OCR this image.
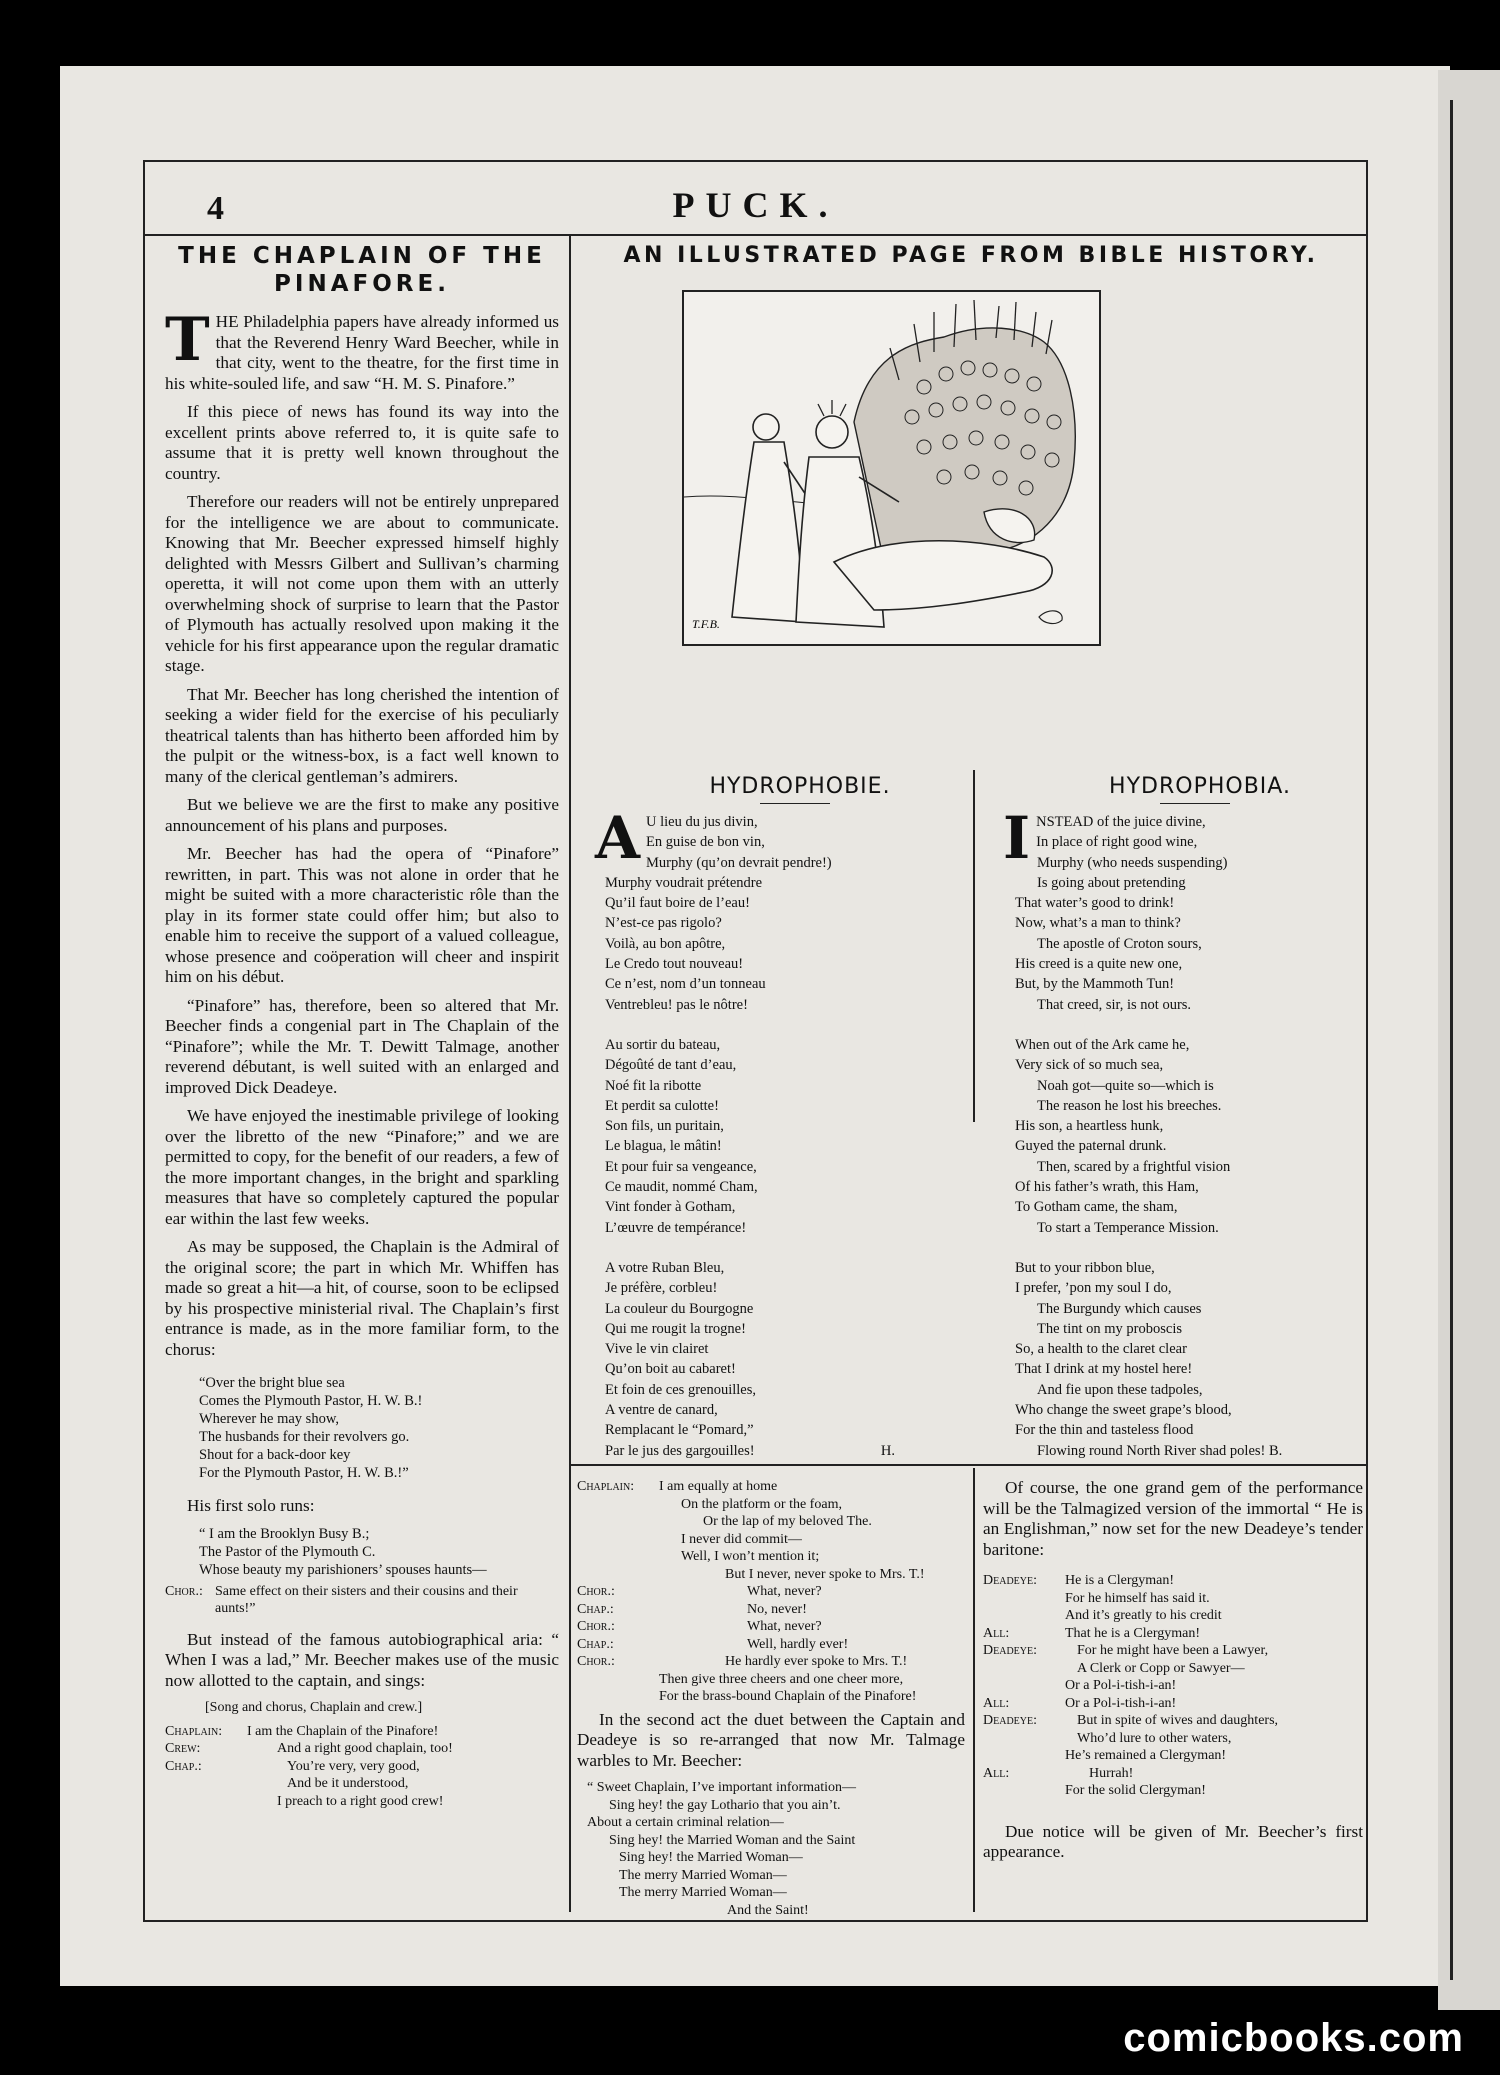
4	PUCK.
THE CHAPLAIN OF THE PINAFORE.

THE Philadelphia papers have already informed us that the Reverend Henry Ward Beecher, while in that city, went to the theatre, for the first time in his white-souled life, and saw “H. M. S. Pinafore.”

If this piece of news has found its way into the excellent prints above referred to, it is quite safe to assume that it is pretty well known throughout the country.

Therefore our readers will not be entirely unprepared for the intelligence we are about to communicate. Knowing that Mr. Beecher expressed himself highly delighted with Messrs Gilbert and Sullivan’s charming operetta, it will not come upon them with an utterly overwhelming shock of surprise to learn that the Pastor of Plymouth has actually resolved upon making it the vehicle for his first appearance upon the regular dramatic stage.

That Mr. Beecher has long cherished the intention of seeking a wider field for the exercise of his peculiarly theatrical talents than has hitherto been afforded him by the pulpit or the witness-box, is a fact well known to many of the clerical gentleman’s admirers.

But we believe we are the first to make any positive announcement of his plans and purposes.

Mr. Beecher has had the opera of “Pinafore” rewritten, in part. This was not alone in order that he might be suited with a more characteristic rôle than the play in its former state could offer him; but also to enable him to receive the support of a valued colleague, whose presence and coöperation will cheer and inspirit him on his début.

“Pinafore” has, therefore, been so altered that Mr. Beecher finds a congenial part in The Chaplain of the “Pinafore”; while the Mr. T. Dewitt Talmage, another reverend débutant, is well suited with an enlarged and improved Dick Deadeye.

We have enjoyed the inestimable privilege of looking over the libretto of the new “Pinafore;” and we are permitted to copy, for the benefit of our readers, a few of the more important changes, in the bright and sparkling measures that have so completely captured the popular ear within the last few weeks.

As may be supposed, the Chaplain is the Admiral of the original score; the part in which Mr. Whiffen has made so great a hit—a hit, of course, soon to be eclipsed by his prospective ministerial rival. The Chaplain’s first entrance is made, as in the more familiar form, to the chorus:

“Over the bright blue sea
Comes the Plymouth Pastor, H. W. B.!
Wherever he may show,
The husbands for their revolvers go.
Shout for a back-door key
For the Plymouth Pastor, H. W. B.!”

His first solo runs:

“ I am the Brooklyn Busy B.;
The Pastor of the Plymouth C.
Whose beauty my parishioners’ spouses haunts—
Chor.: Same effect on their sisters and their cousins and their aunts!”

But instead of the famous autobiographical aria: “ When I was a lad,” Mr. Beecher makes use of the music now allotted to the captain, and sings:

[Song and chorus, Chaplain and crew.]
Chaplain:	I am the Chaplain of the Pinafore!
Crew:	And a right good chaplain, too!
Chap.:	You’re very, very good,
And be it understood,
I preach to a right good crew!
AN ILLUSTRATED PAGE FROM BIBLE HISTORY.
T.F.B.
HYDROPHOBIE.
A U lieu du jus divin,
En guise de bon vin,
Murphy (qu’on devrait pendre!)
Murphy voudrait prétendre
Qu’il faut boire de l’eau!
N’est-ce pas rigolo?
Voilà, au bon apôtre,
Le Credo tout nouveau!
Ce n’est, nom d’un tonneau
Ventrebleu! pas le nôtre!
Au sortir du bateau,
Dégoûté de tant d’eau,
Noé fit la ribotte
Et perdit sa culotte!
Son fils, un puritain,
Le blagua, le mâtin!
Et pour fuir sa vengeance,
Ce maudit, nommé Cham,
Vint fonder à Gotham,
L’œuvre de tempérance!
A votre Ruban Bleu,
Je préfère, corbleu!
La couleur du Bourgogne
Qui me rougit la trogne!
Vive le vin clairet
Qu’on boit au cabaret!
Et foin de ces grenouilles,
A ventre de canard,
Remplacant le “Pomard,”
Par le jus des gargouilles!	H.
HYDROPHOBIA.
I NSTEAD of the juice divine,
In place of right good wine,
Murphy (who needs suspending)
Is going about pretending
That water’s good to drink!
Now, what’s a man to think?
The apostle of Croton sours,
His creed is a quite new one,
But, by the Mammoth Tun!
That creed, sir, is not ours.
When out of the Ark came he,
Very sick of so much sea,
Noah got—quite so—which is
The reason he lost his breeches.
His son, a heartless hunk,
Guyed the paternal drunk.
Then, scared by a frightful vision
Of his father’s wrath, this Ham,
To Gotham came, the sham,
To start a Temperance Mission.
But to your ribbon blue,
I prefer, ’pon my soul I do,
The Burgundy which causes
The tint on my proboscis
So, a health to the claret clear
That I drink at my hostel here!
And fie upon these tadpoles,
Who change the sweet grape’s blood,
For the thin and tasteless flood
Flowing round North River shad poles! B.
Chaplain:	I am equally at home
On the platform or the foam,
Or the lap of my beloved The.
I never did commit—
Well, I won’t mention it;
But I never, never spoke to Mrs. T.!
Chor.:	What, never?
Chap.:	No, never!
Chor.:	What, never?
Chap.:	Well, hardly ever!
Chor.:	He hardly ever spoke to Mrs. T.!
Then give three cheers and one cheer more,
For the brass-bound Chaplain of the Pinafore!

In the second act the duet between the Captain and Deadeye is so re-arranged that now Mr. Talmage warbles to Mr. Beecher:

“ Sweet Chaplain, I’ve important information—
Sing hey! the gay Lothario that you ain’t.
About a certain criminal relation—
Sing hey! the Married Woman and the Saint
Sing hey! the Married Woman—
The merry Married Woman—
The merry Married Woman—
And the Saint!

Of course, the one grand gem of the performance will be the Talmagized version of the immortal “ He is an Englishman,” now set for the new Deadeye’s tender baritone:

Deadeye:	He is a Clergyman!
For he himself has said it.
And it’s greatly to his credit
All:	That he is a Clergyman!
Deadeye:	For he might have been a Lawyer,
A Clerk or Copp or Sawyer—
Or a Pol-i-tish-i-an!
All:	Or a Pol-i-tish-i-an!
Deadeye:	But in spite of wives and daughters,
Who’d lure to other waters,
He’s remained a Clergyman!
All:	Hurrah!
For the solid Clergyman!

Due notice will be given of Mr. Beecher’s first appearance.

comicbooks.com
